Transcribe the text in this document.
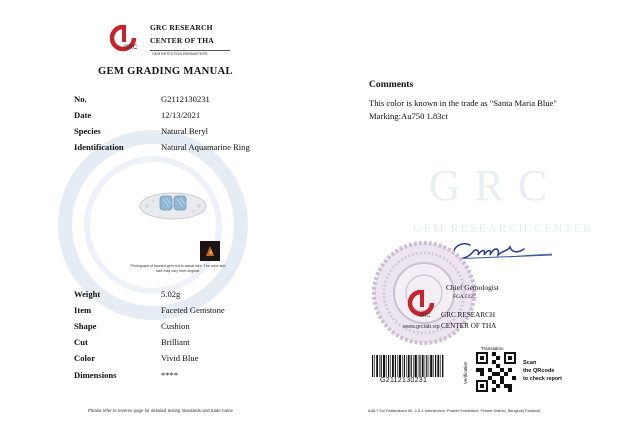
GRC
GEM RESEARCH CENTER
GRC
GRC RESEARCH
CENTER OF THA
GEM DETECTION PARAMETERS
GEM GRADING MANUAL
No.	G2112130231
Date	12/13/2021
Species	Natural Beryl
Identification	Natural Aquamarine Ring
Photograph of faceted gem not in actual size. The color and size may vary from original.
Weight	5.02g
Item	Faceted Gemstone
Shape	Cushion
Cut	Brilliant
Color	Vivid Blue
Dimensions	****
Please refer to reverse page for detailed testing standards and trade name
Comments
This color is known in the trade as "Santa Maria Blue"
Marking:Au750 1.83ct
GRC
www.grclab.vip
Chief Gemologist
FGA CGC
GRC RESEARCH
CENTER OF THA
G2112130231
Translation
Verification	Scan
the QRcode
to check report
Add.7 Soi Pattanakarn 69, 2-5-1 Intersection, Prawet Subdistrict, Prawet District, Bangkok(Thailand)
